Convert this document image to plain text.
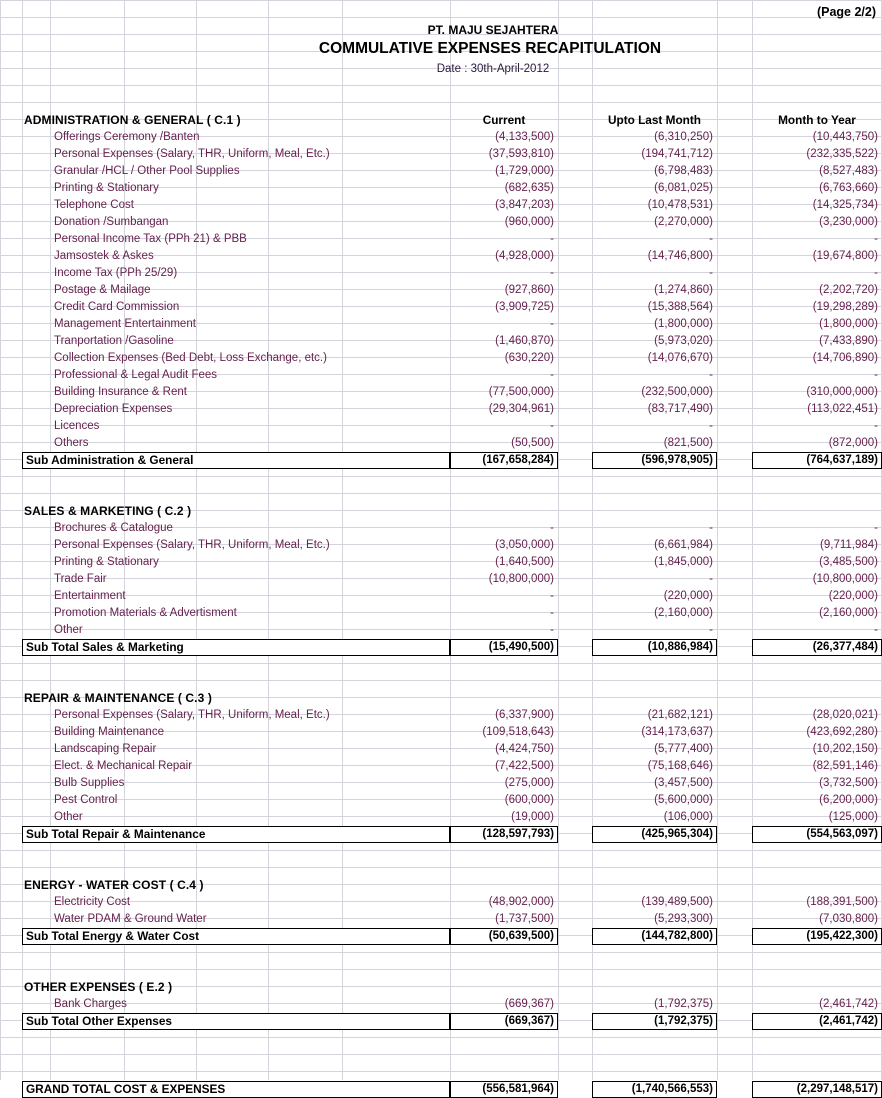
(Page 2/2)
PT. MAJU SEJAHTERA
COMMULATIVE EXPENSES RECAPITULATION
Date : 30th-April-2012
ADMINISTRATION & GENERAL ( C.1 )	Current	Upto Last Month	Month to Year
Offerings Ceremony /Banten	(4,133,500)	(6,310,250)	(10,443,750)
Personal Expenses (Salary, THR, Uniform, Meal, Etc.)	(37,593,810)	(194,741,712)	(232,335,522)
Granular /HCL / Other Pool Supplies	(1,729,000)	(6,798,483)	(8,527,483)
Printing & Stationary	(682,635)	(6,081,025)	(6,763,660)
Telephone Cost	(3,847,203)	(10,478,531)	(14,325,734)
Donation /Sumbangan	(960,000)	(2,270,000)	(3,230,000)
Personal Income Tax (PPh 21) & PBB	-	-	-
Jamsostek & Askes	(4,928,000)	(14,746,800)	(19,674,800)
Income Tax (PPh 25/29)	-	-	-
Postage & Mailage	(927,860)	(1,274,860)	(2,202,720)
Credit Card Commission	(3,909,725)	(15,388,564)	(19,298,289)
Management Entertainment	-	(1,800,000)	(1,800,000)
Tranportation /Gasoline	(1,460,870)	(5,973,020)	(7,433,890)
Collection Expenses (Bed Debt, Loss Exchange, etc.)	(630,220)	(14,076,670)	(14,706,890)
Professional & Legal Audit Fees	-	-	-
Building Insurance & Rent	(77,500,000)	(232,500,000)	(310,000,000)
Depreciation Expenses	(29,304,961)	(83,717,490)	(113,022,451)
Licences	-	-	-
Others	(50,500)	(821,500)	(872,000)
Sub Administration & General	(167,658,284)	(596,978,905)	(764,637,189)
SALES & MARKETING ( C.2 )
Brochures & Catalogue	-	-	-
Personal Expenses (Salary, THR, Uniform, Meal, Etc.)	(3,050,000)	(6,661,984)	(9,711,984)
Printing & Stationary	(1,640,500)	(1,845,000)	(3,485,500)
Trade Fair	(10,800,000)	-	(10,800,000)
Entertainment	-	(220,000)	(220,000)
Promotion Materials & Advertisment	-	(2,160,000)	(2,160,000)
Other	-	-	-
Sub Total Sales & Marketing	(15,490,500)	(10,886,984)	(26,377,484)
REPAIR & MAINTENANCE ( C.3 )
Personal Expenses (Salary, THR, Uniform, Meal, Etc.)	(6,337,900)	(21,682,121)	(28,020,021)
Building Maintenance	(109,518,643)	(314,173,637)	(423,692,280)
Landscaping Repair	(4,424,750)	(5,777,400)	(10,202,150)
Elect. & Mechanical Repair	(7,422,500)	(75,168,646)	(82,591,146)
Bulb Supplies	(275,000)	(3,457,500)	(3,732,500)
Pest Control	(600,000)	(5,600,000)	(6,200,000)
Other	(19,000)	(106,000)	(125,000)
Sub Total Repair & Maintenance	(128,597,793)	(425,965,304)	(554,563,097)
ENERGY - WATER COST ( C.4 )
Electricity Cost	(48,902,000)	(139,489,500)	(188,391,500)
Water PDAM & Ground Water	(1,737,500)	(5,293,300)	(7,030,800)
Sub Total Energy & Water Cost	(50,639,500)	(144,782,800)	(195,422,300)
OTHER EXPENSES ( E.2 )
Bank Charges	(669,367)	(1,792,375)	(2,461,742)
Sub Total Other Expenses	(669,367)	(1,792,375)	(2,461,742)
GRAND TOTAL COST & EXPENSES	(556,581,964)	(1,740,566,553)	(2,297,148,517)
